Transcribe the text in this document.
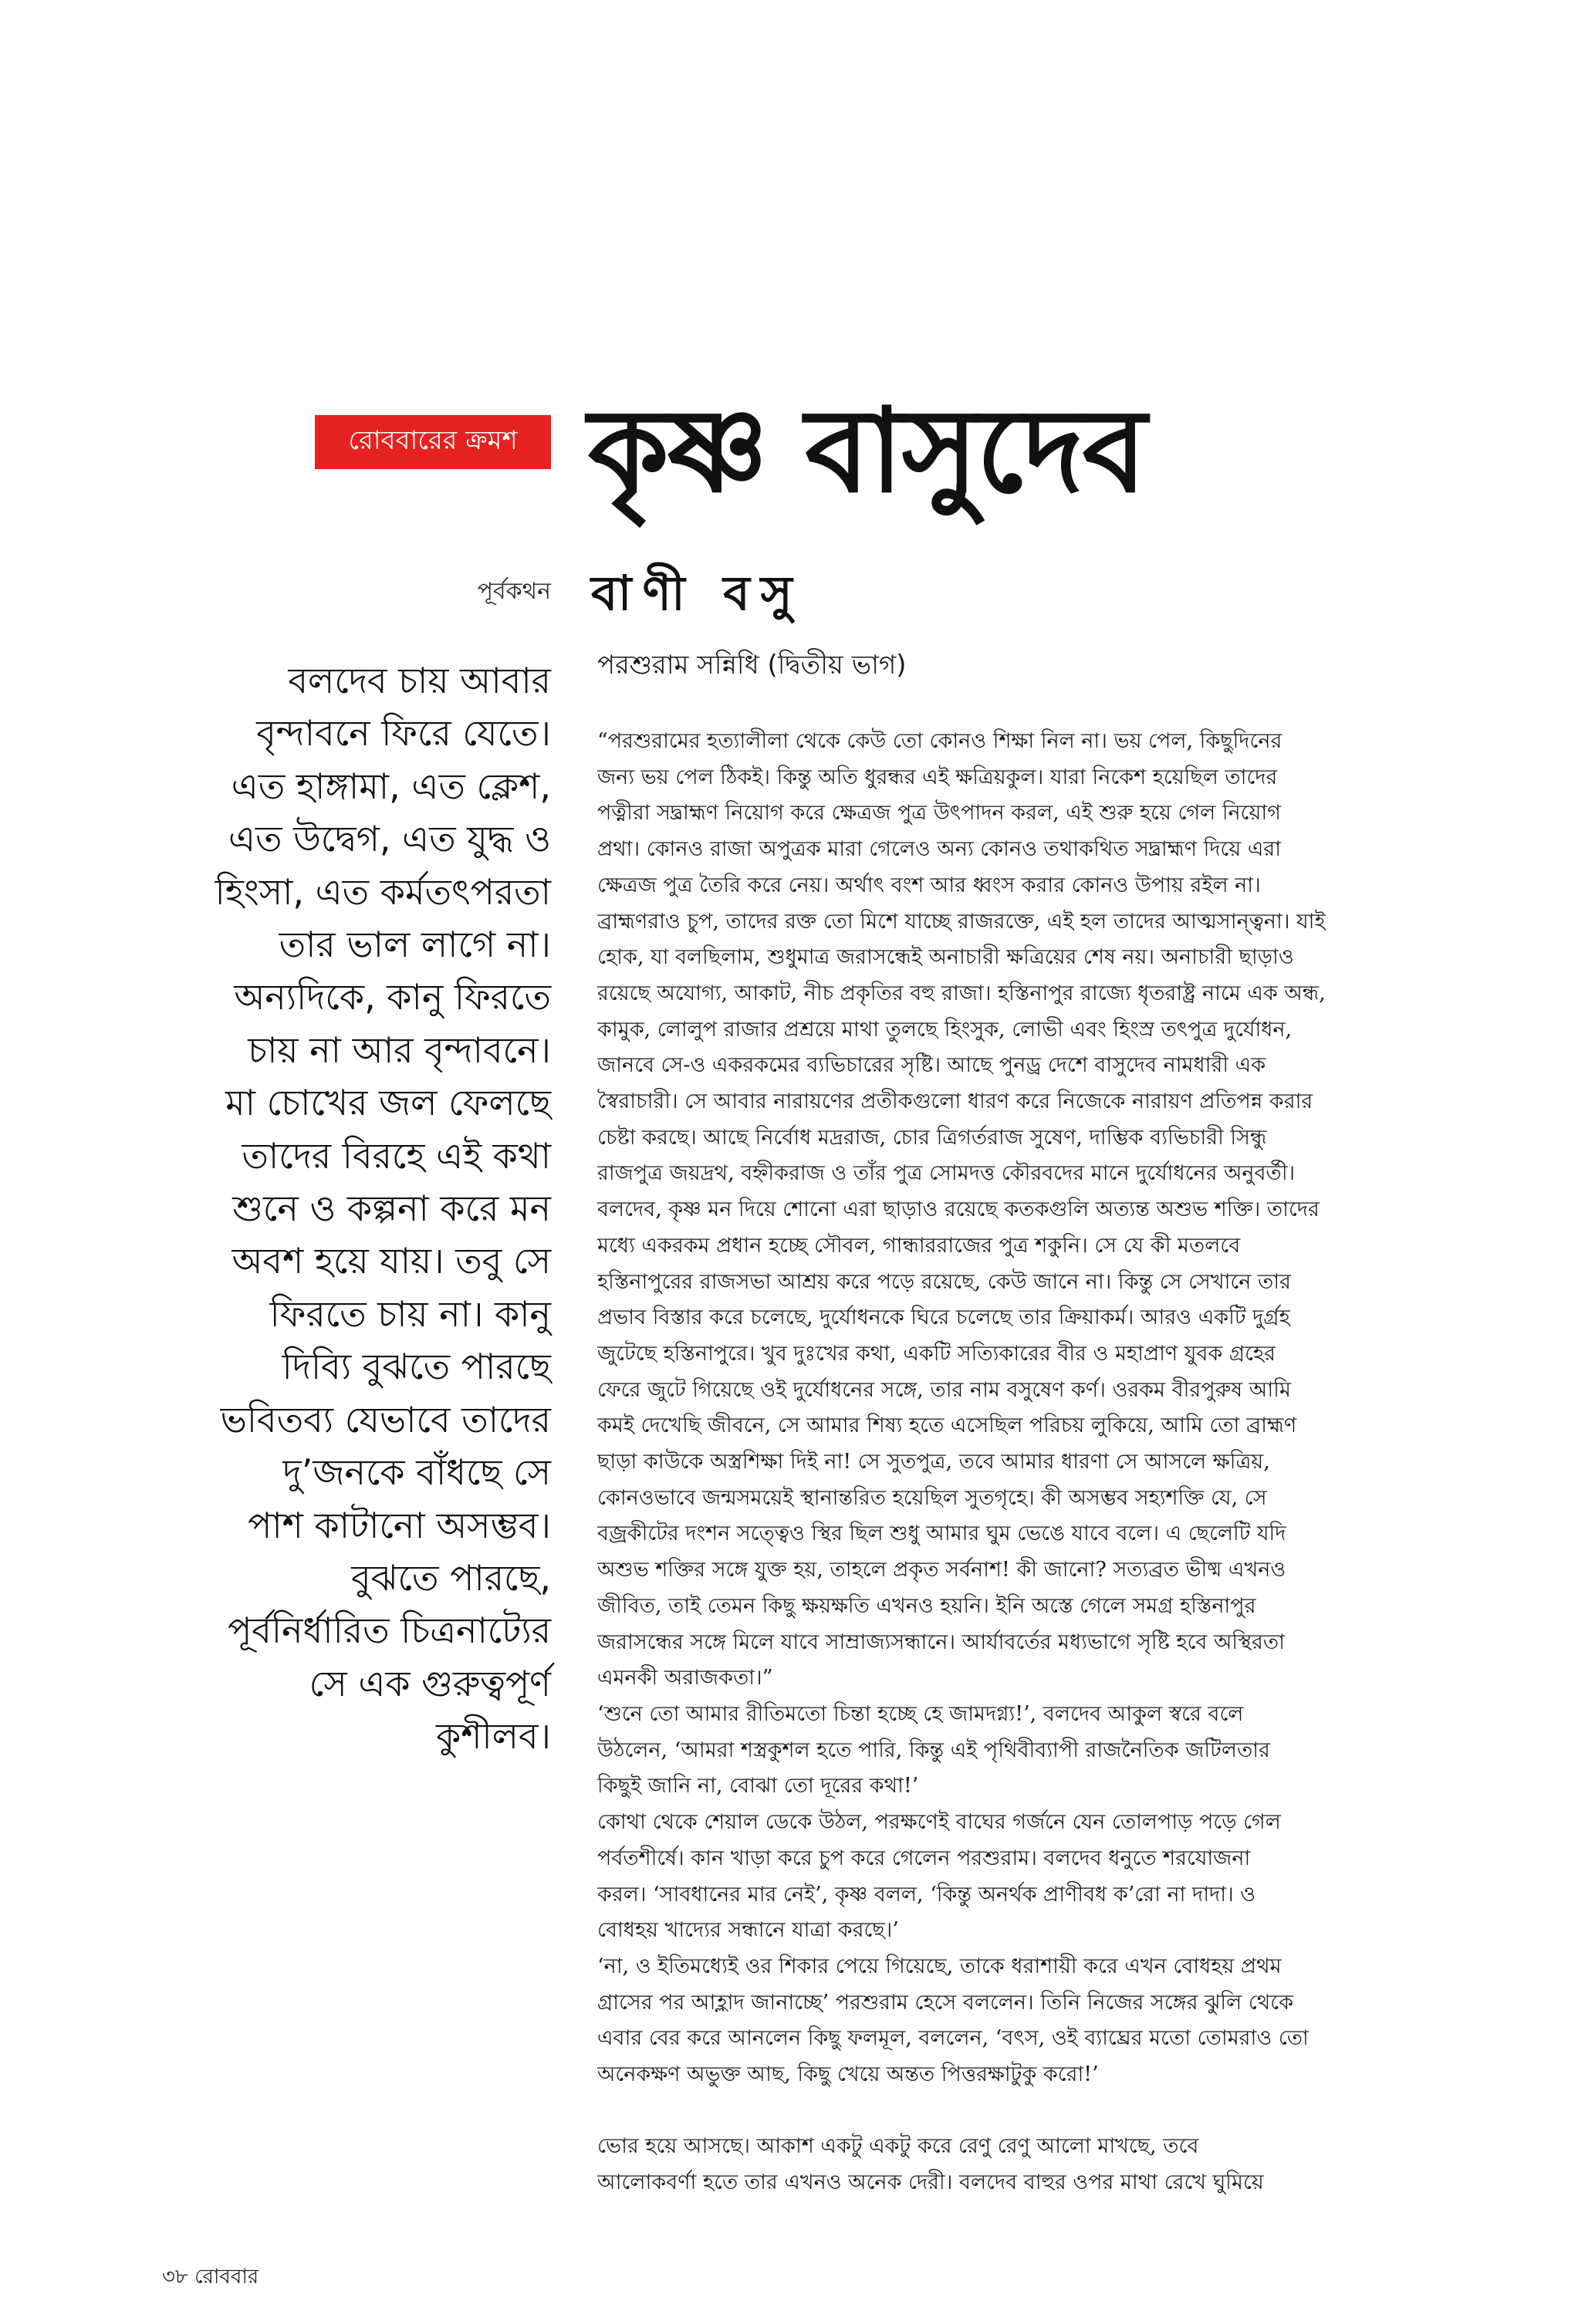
রোববারের ক্রমশ কৃষ্ণ বাসুদেব
পূর্বকথন বাণী বসু
পরশুরাম সন্নিধি (দ্বিতীয় ভাগ)
বলদেব চায় আবার
বৃন্দাবনে ফিরে যেতে।
এত হাঙ্গামা, এত ক্লেশ,
এত উদ্বেগ, এত যুদ্ধ ও
হিংসা, এত কর্মতৎপরতা
তার ভাল লাগে না।
অন্যদিকে, কানু ফিরতে
চায় না আর বৃন্দাবনে।
মা চোখের জল ফেলছে
তাদের বিরহে এই কথা
শুনে ও কল্পনা করে মন
অবশ হয়ে যায়। তবু সে
ফিরতে চায় না। কানু
দিব্যি বুঝতে পারছে
ভবিতব্য যেভাবে তাদের
দু’জনকে বাঁধছে সে
পাশ কাটানো অসম্ভব।
বুঝতে পারছে,
পূর্বনির্ধারিত চিত্রনাট্যের
সে এক গুরুত্বপূর্ণ
কুশীলব।
“পরশুরামের হত্যালীলা থেকে কেউ তো কোনও শিক্ষা নিল না। ভয় পেল, কিছুদিনের
জন্য ভয় পেল ঠিকই। কিন্তু অতি ধুরন্ধর এই ক্ষত্রিয়কুল। যারা নিকেশ হয়েছিল তাদের
পত্নীরা সদ্ব্রাহ্মণ নিয়োগ করে ক্ষেত্রজ পুত্র উৎপাদন করল, এই শুরু হয়ে গেল নিয়োগ
প্রথা। কোনও রাজা অপুত্রক মারা গেলেও অন্য কোনও তথাকথিত সদ্ব্রাহ্মণ দিয়ে এরা
ক্ষেত্রজ পুত্র তৈরি করে নেয়। অর্থাৎ বংশ আর ধ্বংস করার কোনও উপায় রইল না।
ব্রাহ্মণরাও চুপ, তাদের রক্ত তো মিশে যাচ্ছে রাজরক্তে, এই হল তাদের আত্মসান্ত্বনা। যাই
হোক, যা বলছিলাম, শুধুমাত্র জরাসন্ধেই অনাচারী ক্ষত্রিয়ের শেষ নয়। অনাচারী ছাড়াও
রয়েছে অযোগ্য, আকাট, নীচ প্রকৃতির বহু রাজা। হস্তিনাপুর রাজ্যে ধৃতরাষ্ট্র নামে এক অন্ধ,
কামুক, লোলুপ রাজার প্রশ্রয়ে মাথা তুলছে হিংসুক, লোভী এবং হিংস্র তৎপুত্র দুর্যোধন,
জানবে সে-ও একরকমের ব্যভিচারের সৃষ্টি। আছে পুনড্র দেশে বাসুদেব নামধারী এক
স্বৈরাচারী। সে আবার নারায়ণের প্রতীকগুলো ধারণ করে নিজেকে নারায়ণ প্রতিপন্ন করার
চেষ্টা করছে। আছে নির্বোধ মদ্ররাজ, চোর ত্রিগর্তরাজ সুষেণ, দাম্ভিক ব্যভিচারী সিন্ধু
রাজপুত্র জয়দ্রথ, বহ্নীকরাজ ও তাঁর পুত্র সোমদত্ত কৌরবদের মানে দুর্যোধনের অনুবর্তী।
বলদেব, কৃষ্ণ মন দিয়ে শোনো এরা ছাড়াও রয়েছে কতকগুলি অত্যন্ত অশুভ শক্তি। তাদের
মধ্যে একরকম প্রধান হচ্ছে সৌবল, গান্ধাররাজের পুত্র শকুনি। সে যে কী মতলবে
হস্তিনাপুরের রাজসভা আশ্রয় করে পড়ে রয়েছে, কেউ জানে না। কিন্তু সে সেখানে তার
প্রভাব বিস্তার করে চলেছে, দুর্যোধনকে ঘিরে চলেছে তার ক্রিয়াকর্ম। আরও একটি দুর্গ্রহ
জুটেছে হস্তিনাপুরে। খুব দুঃখের কথা, একটি সত্যিকারের বীর ও মহাপ্রাণ যুবক গ্রহের
ফেরে জুটে গিয়েছে ওই দুর্যোধনের সঙ্গে, তার নাম বসুষেণ কর্ণ। ওরকম বীরপুরুষ আমি
কমই দেখেছি জীবনে, সে আমার শিষ্য হতে এসেছিল পরিচয় লুকিয়ে, আমি তো ব্রাহ্মণ
ছাড়া কাউকে অস্ত্রশিক্ষা দিই না! সে সুতপুত্র, তবে আমার ধারণা সে আসলে ক্ষত্রিয়,
কোনওভাবে জন্মসময়েই স্থানান্তরিত হয়েছিল সুতগৃহে। কী অসম্ভব সহ্যশক্তি যে, সে
বজ্রকীটের দংশন সত্ত্বেও স্থির ছিল শুধু আমার ঘুম ভেঙে যাবে বলে। এ ছেলেটি যদি
অশুভ শক্তির সঙ্গে যুক্ত হয়, তাহলে প্রকৃত সর্বনাশ! কী জানো? সত্যব্রত ভীষ্ম এখনও
জীবিত, তাই তেমন কিছু ক্ষয়ক্ষতি এখনও হয়নি। ইনি অস্তে গেলে সমগ্র হস্তিনাপুর
জরাসন্ধের সঙ্গে মিলে যাবে সাম্রাজ্যসন্ধানে। আর্যাবর্তের মধ্যভাগে সৃষ্টি হবে অস্থিরতা
এমনকী অরাজকতা।”
‘শুনে তো আমার রীতিমতো চিন্তা হচ্ছে হে জামদগ্ন্য!’, বলদেব আকুল স্বরে বলে
উঠলেন, ‘আমরা শস্ত্রকুশল হতে পারি, কিন্তু এই পৃথিবীব্যাপী রাজনৈতিক জটিলতার
কিছুই জানি না, বোঝা তো দূরের কথা!’
কোথা থেকে শেয়াল ডেকে উঠল, পরক্ষণেই বাঘের গর্জনে যেন তোলপাড় পড়ে গেল
পর্বতশীর্ষে। কান খাড়া করে চুপ করে গেলেন পরশুরাম। বলদেব ধনুতে শরযোজনা
করল। ‘সাবধানের মার নেই’, কৃষ্ণ বলল, ‘কিন্তু অনর্থক প্রাণীবধ ক’রো না দাদা। ও
বোধহয় খাদ্যের সন্ধানে যাত্রা করছে।’
‘না, ও ইতিমধ্যেই ওর শিকার পেয়ে গিয়েছে, তাকে ধরাশায়ী করে এখন বোধহয় প্রথম
গ্রাসের পর আহ্লাদ জানাচ্ছে’ পরশুরাম হেসে বললেন। তিনি নিজের সঙ্গের ঝুলি থেকে
এবার বের করে আনলেন কিছু ফলমূল, বললেন, ‘বৎস, ওই ব্যাঘ্রের মতো তোমরাও তো
অনেকক্ষণ অভুক্ত আছ, কিছু খেয়ে অন্তত পিত্তরক্ষাটুকু করো!’
ভোর হয়ে আসছে। আকাশ একটু একটু করে রেণু রেণু আলো মাখছে, তবে
আলোকবর্ণা হতে তার এখনও অনেক দেরী। বলদেব বাহুর ওপর মাথা রেখে ঘুমিয়ে
৩৮ রোববার
